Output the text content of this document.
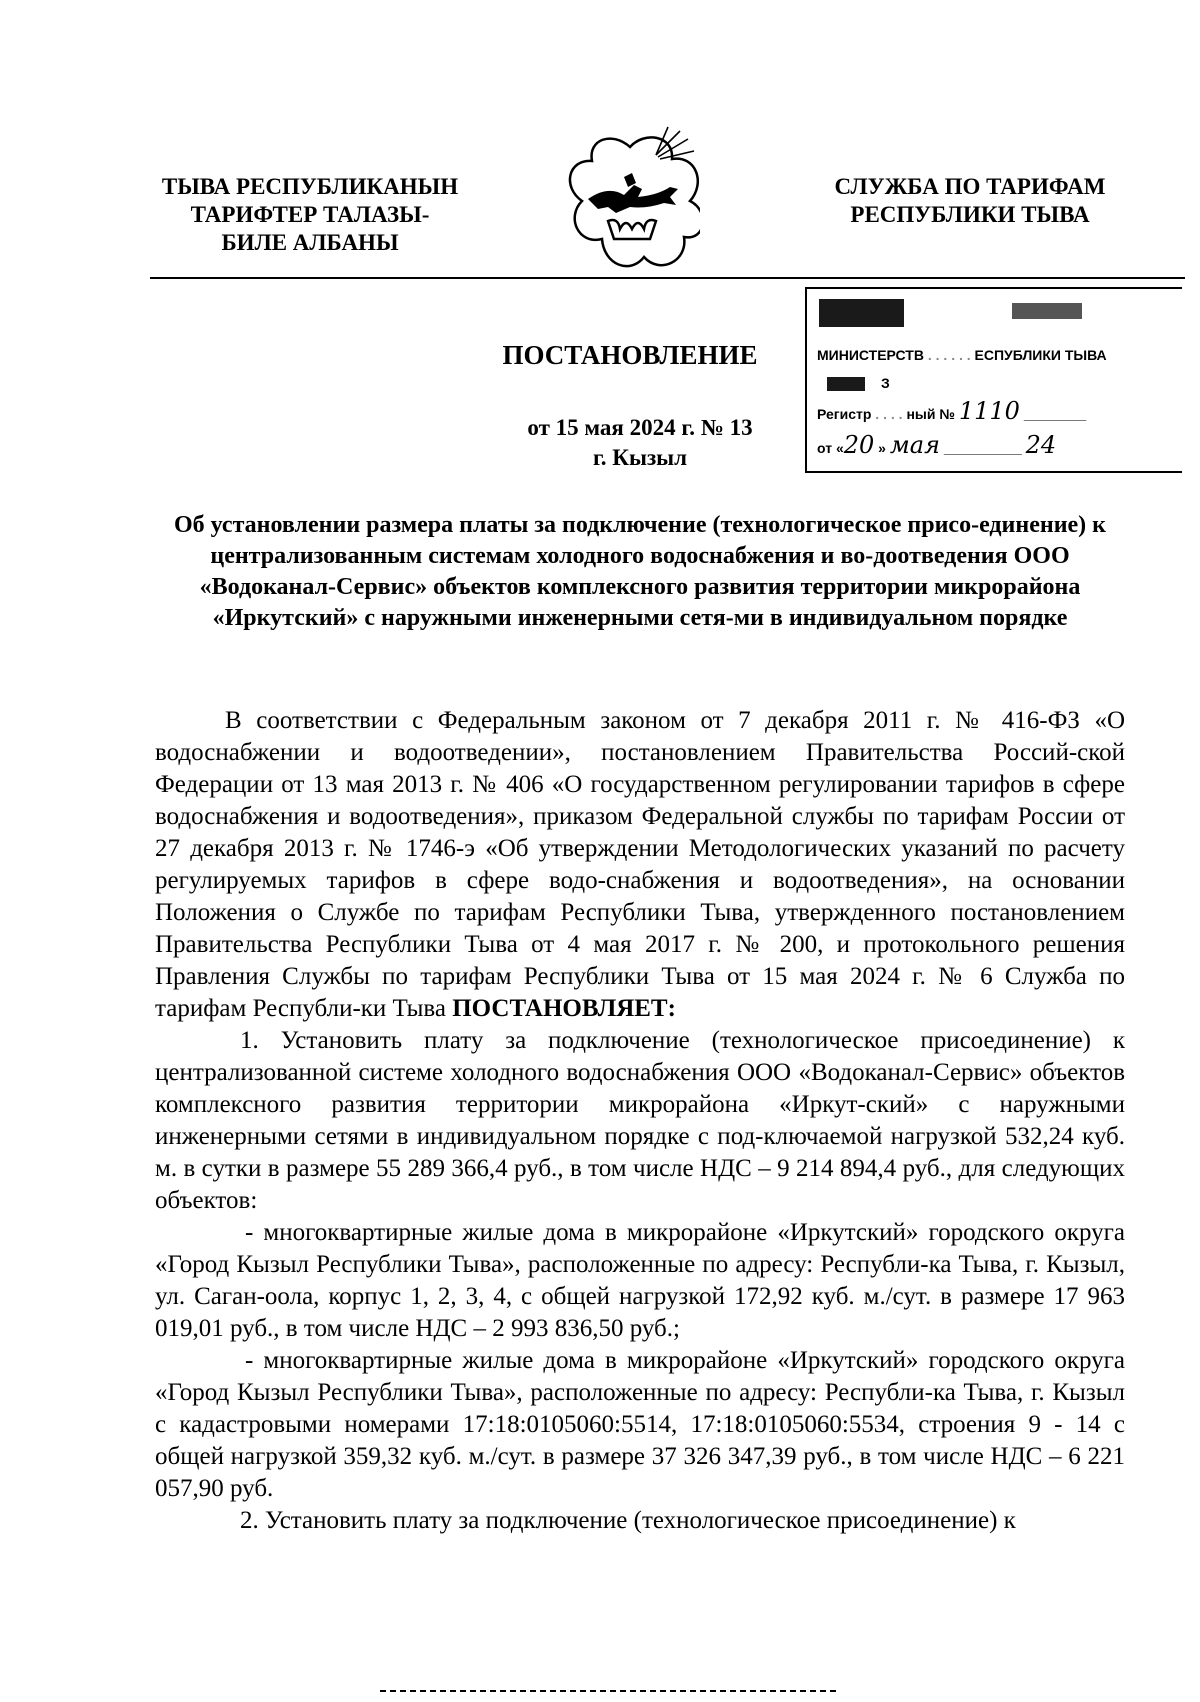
ТЫВА РЕСПУБЛИКАНЫН
ТАРИФТЕР ТАЛАЗЫ-
БИЛЕ АЛБАНЫ
СЛУЖБА ПО ТАРИФАМ
РЕСПУБЛИКИ ТЫВА
ПОСТАНОВЛЕНИЕ
от 15 мая 2024 г. № 13
г. Кызыл
МИНИСТЕРСТВ . . . . . . ЕСПУБЛИКИ ТЫВА
З
Регистр . . . . ный № 1110 ________
от «20 » мая __________ 24
Об установлении размера платы за подключение (технологическое присо-единение) к централизованным системам холодного водоснабжения и во-доотведения ООО «Водоканал-Сервис» объектов комплексного развития территории микрорайона «Иркутский» с наружными инженерными сетя-ми в индивидуальном порядке

В соответствии с Федеральным законом от 7 декабря 2011 г. № 416-ФЗ «О водоснабжении и водоотведении», постановлением Правительства Россий-ской Федерации от 13 мая 2013 г. № 406 «О государственном регулировании тарифов в сфере водоснабжения и водоотведения», приказом Федеральной службы по тарифам России от 27 декабря 2013 г. № 1746-э «Об утверждении Методологических указаний по расчету регулируемых тарифов в сфере водо-снабжения и водоотведения», на основании Положения о Службе по тарифам Республики Тыва, утвержденного постановлением Правительства Республики Тыва от 4 мая 2017 г. № 200, и протокольного решения Правления Службы по тарифам Республики Тыва от 15 мая 2024 г. № 6 Служба по тарифам Республи-ки Тыва ПОСТАНОВЛЯЕТ:

1. Установить плату за подключение (технологическое присоединение) к централизованной системе холодного водоснабжения ООО «Водоканал-Сервис» объектов комплексного развития территории микрорайона «Иркут-ский» с наружными инженерными сетями в индивидуальном порядке с под-ключаемой нагрузкой 532,24 куб. м. в сутки в размере 55 289 366,4 руб., в том числе НДС – 9 214 894,4 руб., для следующих объектов:

- многоквартирные жилые дома в микрорайоне «Иркутский» городского округа «Город Кызыл Республики Тыва», расположенные по адресу: Республи-ка Тыва, г. Кызыл, ул. Саган-оола, корпус 1, 2, 3, 4, с общей нагрузкой 172,92 куб. м./сут. в размере 17 963 019,01 руб., в том числе НДС – 2 993 836,50 руб.;

- многоквартирные жилые дома в микрорайоне «Иркутский» городского округа «Город Кызыл Республики Тыва», расположенные по адресу: Республи-ка Тыва, г. Кызыл с кадастровыми номерами 17:18:0105060:5514, 17:18:0105060:5534, строения 9 - 14 с общей нагрузкой 359,32 куб. м./сут. в размере 37 326 347,39 руб., в том числе НДС – 6 221 057,90 руб.

2. Установить плату за подключение (технологическое присоединение) к
